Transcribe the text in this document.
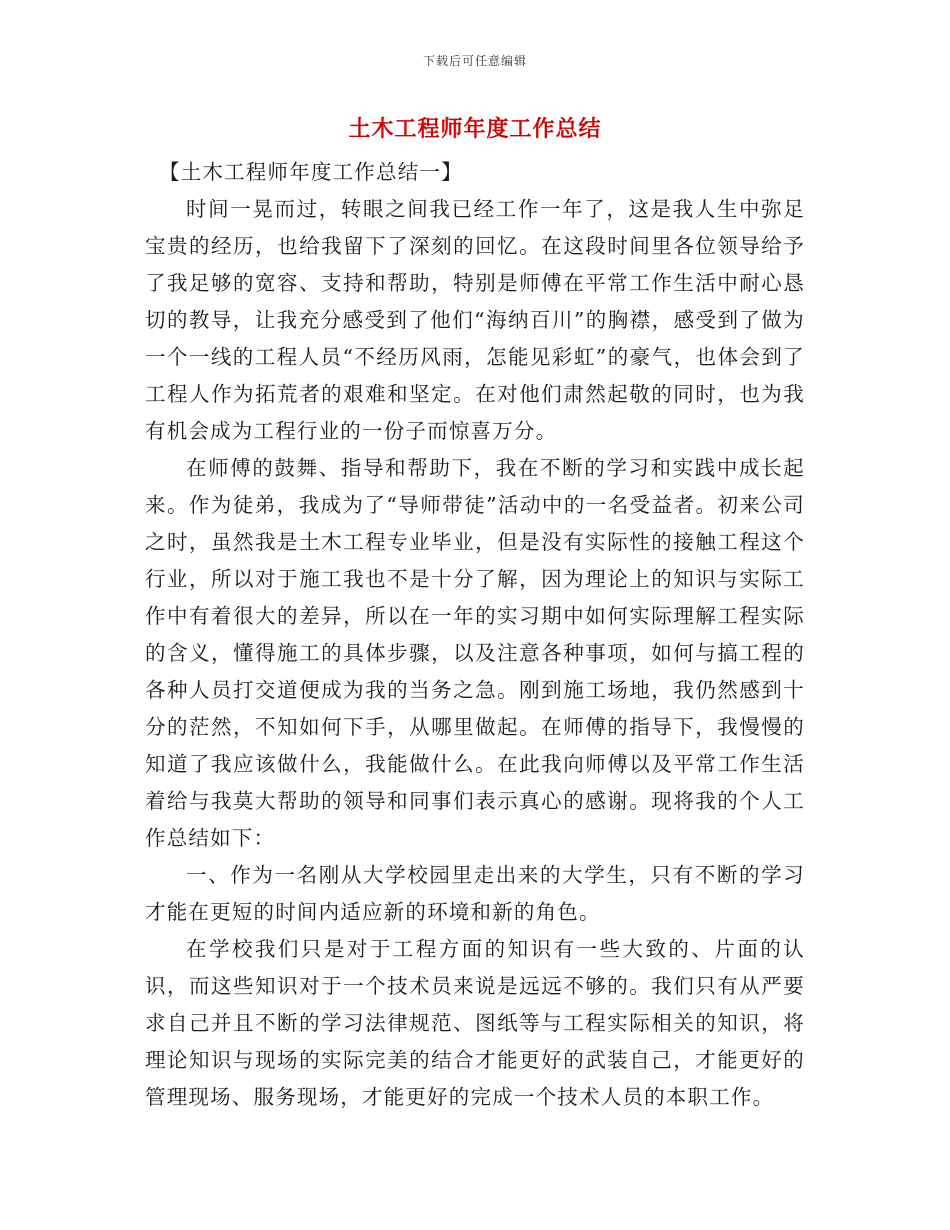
下载后可任意编辑
土木工程师年度工作总结

【土木工程师年度工作总结一】

时间一晃而过，转眼之间我已经工作一年了，这是我人生中弥足宝贵的经历，也给我留下了深刻的回忆。在这段时间里各位领导给予了我足够的宽容、支持和帮助，特别是师傅在平常工作生活中耐心恳切的教导，让我充分感受到了他们“海纳百川”的胸襟，感受到了做为一个一线的工程人员“不经历风雨，怎能见彩虹”的豪气，也体会到了工程人作为拓荒者的艰难和坚定。在对他们肃然起敬的同时，也为我有机会成为工程行业的一份子而惊喜万分。

在师傅的鼓舞、指导和帮助下，我在不断的学习和实践中成长起来。作为徒弟，我成为了“导师带徒”活动中的一名受益者。初来公司之时，虽然我是土木工程专业毕业，但是没有实际性的接触工程这个行业，所以对于施工我也不是十分了解，因为理论上的知识与实际工作中有着很大的差异，所以在一年的实习期中如何实际理解工程实际的含义，懂得施工的具体步骤，以及注意各种事项，如何与搞工程的各种人员打交道便成为我的当务之急。刚到施工场地，我仍然感到十分的茫然，不知如何下手，从哪里做起。在师傅的指导下，我慢慢的知道了我应该做什么，我能做什么。在此我向师傅以及平常工作生活着给与我莫大帮助的领导和同事们表示真心的感谢。现将我的个人工作总结如下：

一、作为一名刚从大学校园里走出来的大学生，只有不断的学习才能在更短的时间内适应新的环境和新的角色。

在学校我们只是对于工程方面的知识有一些大致的、片面的认识，而这些知识对于一个技术员来说是远远不够的。我们只有从严要求自己并且不断的学习法律规范、图纸等与工程实际相关的知识，将理论知识与现场的实际完美的结合才能更好的武装自己，才能更好的管理现场、服务现场，才能更好的完成一个技术人员的本职工作。
